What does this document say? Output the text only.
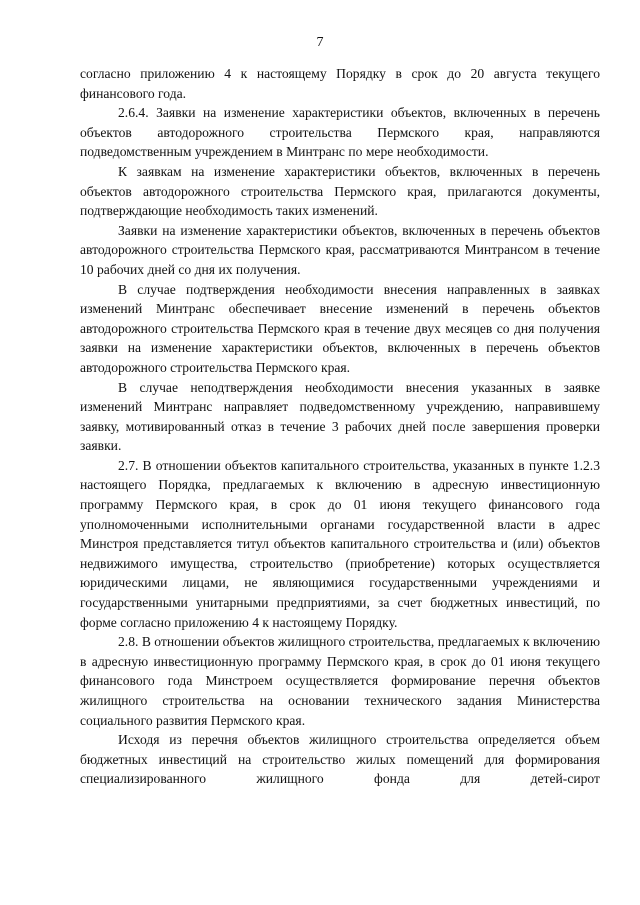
7

согласно приложению 4 к настоящему Порядку в срок до 20 августа текущего финансового года.

2.6.4. Заявки на изменение характеристики объектов, включенных в перечень объектов автодорожного строительства Пермского края, направляются подведомственным учреждением в Минтранс по мере необходимости.

К заявкам на изменение характеристики объектов, включенных в перечень объектов автодорожного строительства Пермского края, прилагаются документы, подтверждающие необходимость таких изменений.

Заявки на изменение характеристики объектов, включенных в перечень объектов автодорожного строительства Пермского края, рассматриваются Минтрансом в течение 10 рабочих дней со дня их получения.

В случае подтверждения необходимости внесения направленных в заявках изменений Минтранс обеспечивает внесение изменений в перечень объектов автодорожного строительства Пермского края в течение двух месяцев со дня получения заявки на изменение характеристики объектов, включенных в перечень объектов автодорожного строительства Пермского края.

В случае неподтверждения необходимости внесения указанных в заявке изменений Минтранс направляет подведомственному учреждению, направившему заявку, мотивированный отказ в течение 3 рабочих дней после завершения проверки заявки.

2.7. В отношении объектов капитального строительства, указанных в пункте 1.2.3 настоящего Порядка, предлагаемых к включению в адресную инвестиционную программу Пермского края, в срок до 01 июня текущего финансового года уполномоченными исполнительными органами государственной власти в адрес Минстроя представляется титул объектов капитального строительства и (или) объектов недвижимого имущества, строительство (приобретение) которых осуществляется юридическими лицами, не являющимися государственными учреждениями и государственными унитарными предприятиями, за счет бюджетных инвестиций, по форме согласно приложению 4 к настоящему Порядку.

2.8. В отношении объектов жилищного строительства, предлагаемых к включению в адресную инвестиционную программу Пермского края, в срок до 01 июня текущего финансового года Минстроем осуществляется формирование перечня объектов жилищного строительства на основании технического задания Министерства социального развития Пермского края.

Исходя из перечня объектов жилищного строительства определяется объем бюджетных инвестиций на строительство жилых помещений для формирования специализированного жилищного фонда для детей-сирот
